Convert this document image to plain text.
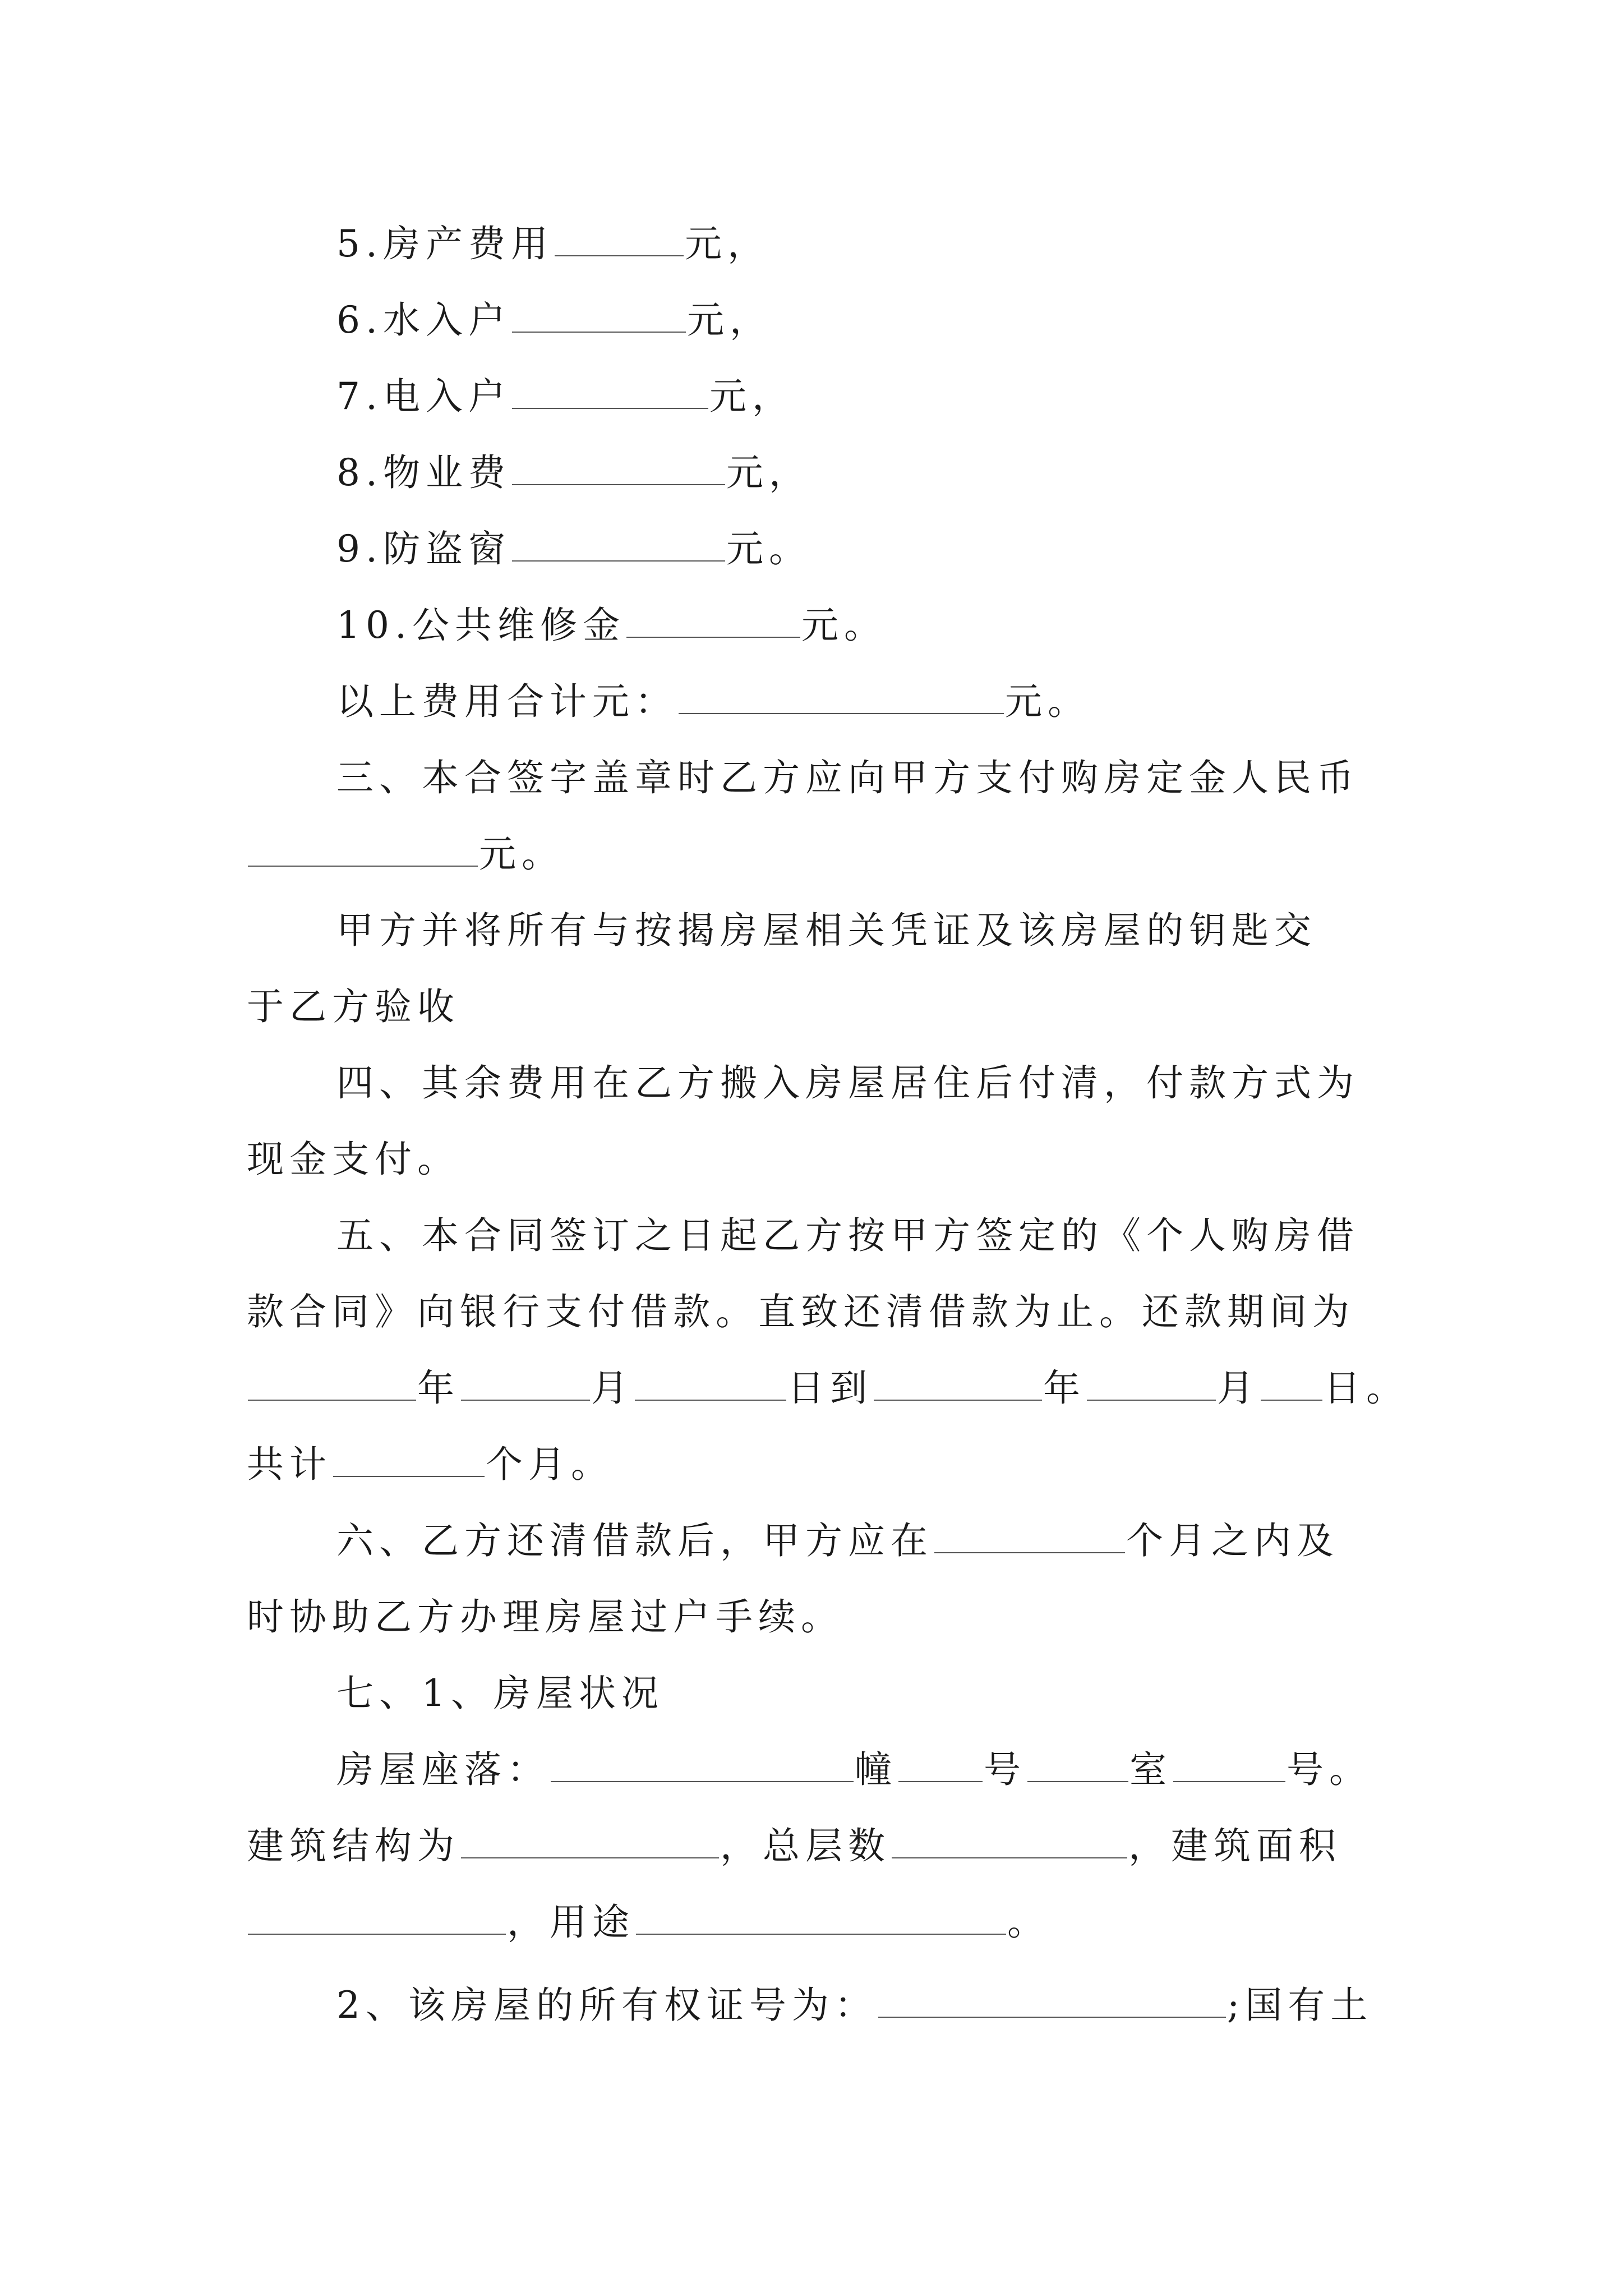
5.房产费用	元，
6.水入户	元，
7.电入户	元，
8.物业费	元，
9.防盗窗	元。
10.公共维修金	元。
以上费用合计元：	元。
三、本合签字盖章时乙方应向甲方支付购房定金人民币
元。
甲方并将所有与按揭房屋相关凭证及该房屋的钥匙交
于乙方验收
四、其余费用在乙方搬入房屋居住后付清，付款方式为
现金支付。
五、本合同签订之日起乙方按甲方签定的《个人购房借
款合同》向银行支付借款。直致还清借款为止。还款期间为
年	月	日到	年	月 日。
共计	个月。
六、乙方还清借款后，甲方应在	个月之内及
时协助乙方办理房屋过户手续。
七、1、房屋状况
房屋座落：	幢 号	室	号。
建筑结构为	，总层数	，建筑面积
，用途	。
2、该房屋的所有权证号为：	;国有土
